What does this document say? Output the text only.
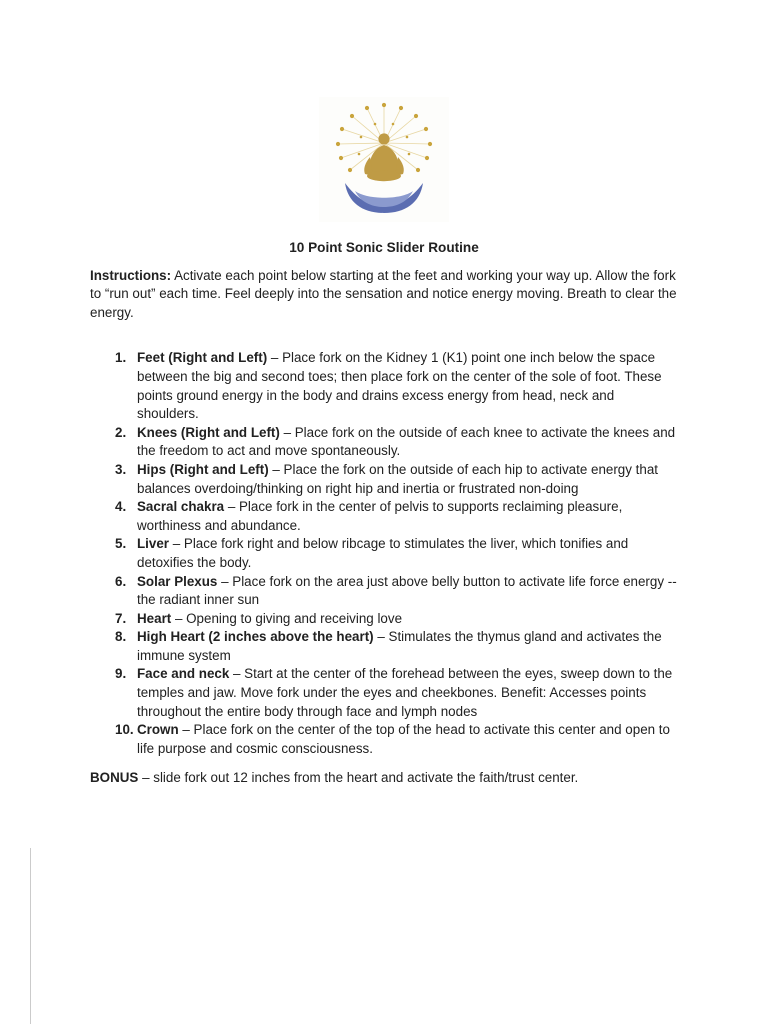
10 Point Sonic Slider Routine

Instructions: Activate each point below starting at the feet and working your way up. Allow the fork to “run out” each time. Feel deeply into the sensation and notice energy moving. Breath to clear the energy.

1. Feet (Right and Left) – Place fork on the Kidney 1 (K1) point one inch below the space between the big and second toes; then place fork on the center of the sole of foot. These points ground energy in the body and drains excess energy from head, neck and shoulders.
2. Knees (Right and Left) – Place fork on the outside of each knee to activate the knees and the freedom to act and move spontaneously.
3. Hips (Right and Left) – Place the fork on the outside of each hip to activate energy that balances overdoing/thinking on right hip and inertia or frustrated non-doing
4. Sacral chakra – Place fork in the center of pelvis to supports reclaiming pleasure, worthiness and abundance.
5. Liver – Place fork right and below ribcage to stimulates the liver, which tonifies and detoxifies the body.
6. Solar Plexus – Place fork on the area just above belly button to activate life force energy -- the radiant inner sun
7. Heart – Opening to giving and receiving love
8. High Heart (2 inches above the heart) – Stimulates the thymus gland and activates the immune system
9. Face and neck – Start at the center of the forehead between the eyes, sweep down to the temples and jaw. Move fork under the eyes and cheekbones. Benefit: Accesses points throughout the entire body through face and lymph nodes
10. Crown – Place fork on the center of the top of the head to activate this center and open to life purpose and cosmic consciousness.

BONUS – slide fork out 12 inches from the heart and activate the faith/trust center.
